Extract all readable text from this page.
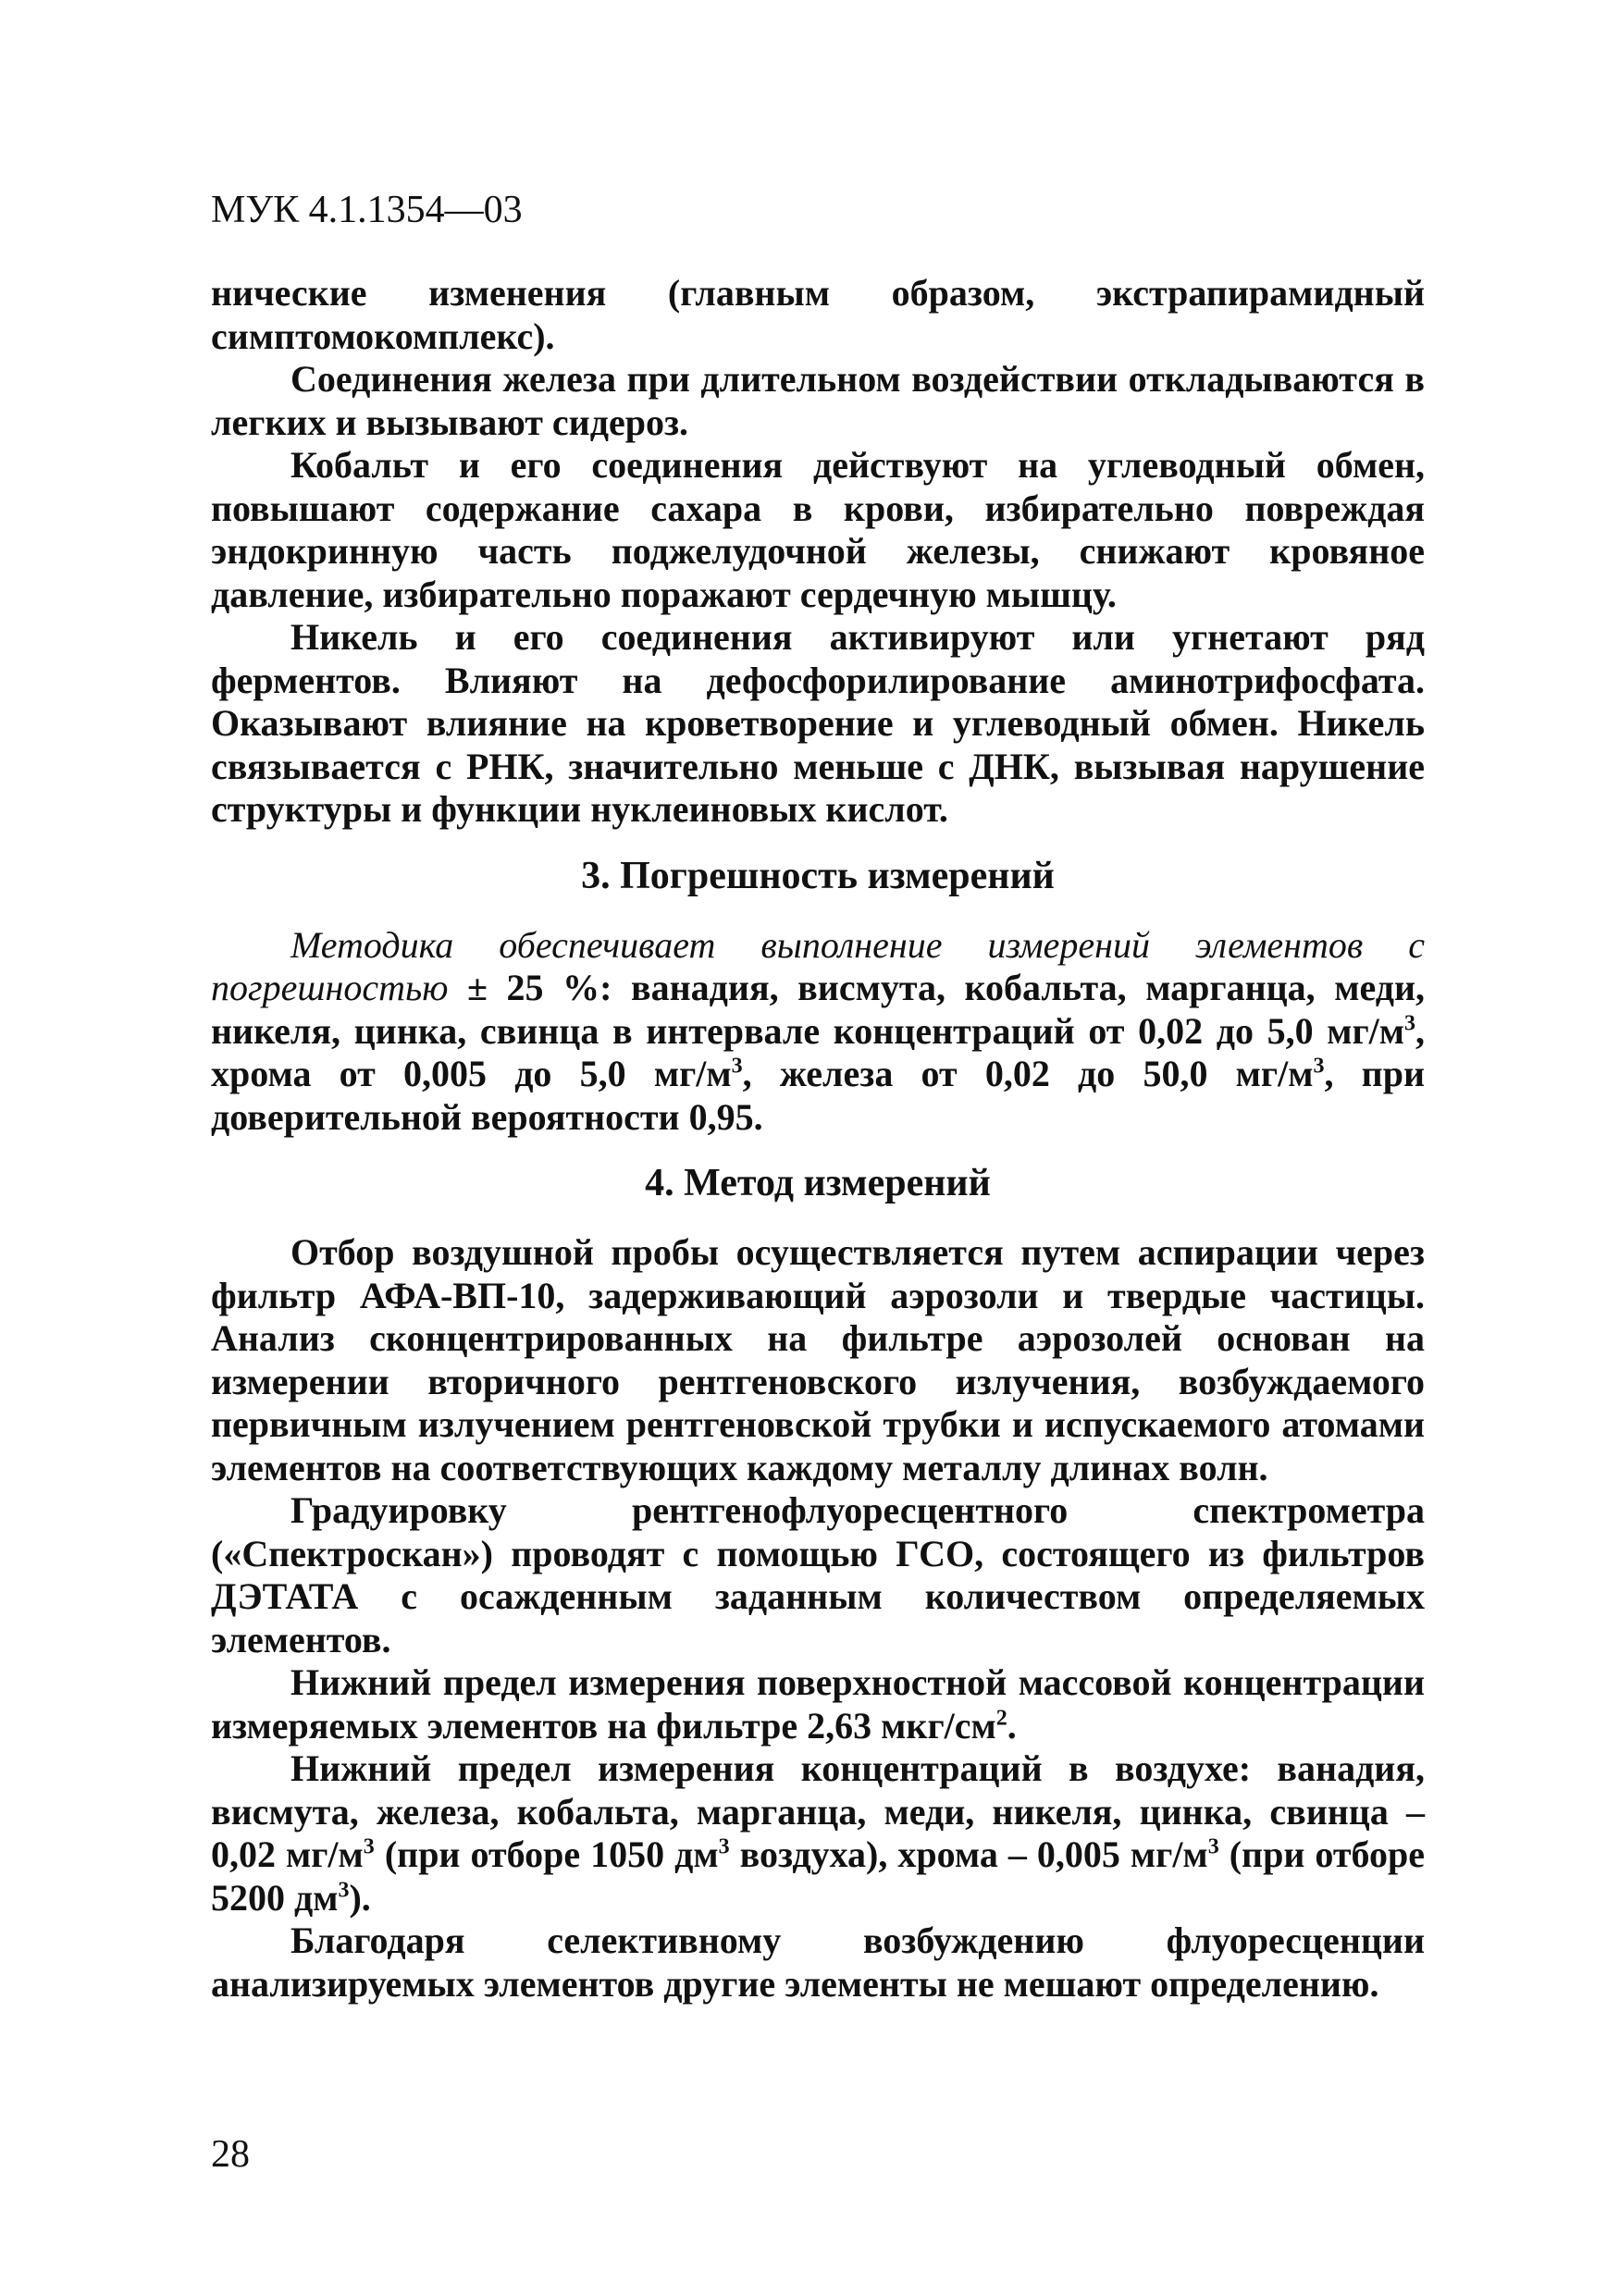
МУК 4.1.1354—03

нические изменения (главным образом, экстрапирамидный симптомокомплекс).

Соединения железа при длительном воздействии откладываются в легких и вызывают сидероз.

Кобальт и его соединения действуют на углеводный обмен, повышают содержание сахара в крови, избирательно повреждая эндокринную часть поджелудочной железы, снижают кровяное давление, избирательно поражают сердечную мышцу.

Никель и его соединения активируют или угнетают ряд ферментов. Влияют на дефосфорилирование аминотрифосфата. Оказывают влияние на кроветворение и углеводный обмен. Никель связывается с РНК, значительно меньше с ДНК, вызывая нарушение структуры и функции нуклеиновых кислот.

3. Погрешность измерений

Методика обеспечивает выполнение измерений элементов с погрешностью ± 25 %: ванадия, висмута, кобальта, марганца, меди, никеля, цинка, свинца в интервале концентраций от 0,02 до 5,0 $мг/м^3$, хрома от 0,005 до 5,0 $мг/м^3$, железа от 0,02 до 50,0 $мг/м^3$, при доверительной вероятности 0,95.

4. Метод измерений

Отбор воздушной пробы осуществляется путем аспирации через фильтр АФА-ВП-10, задерживающий аэрозоли и твердые частицы. Анализ сконцентрированных на фильтре аэрозолей основан на измерении вторичного рентгеновского излучения, возбуждаемого первичным излучением рентгеновской трубки и испускаемого атомами элементов на соответствующих каждому металлу длинах волн.

Градуировку рентгенофлуоресцентного спектрометра («Спектроскан») проводят с помощью ГСО, состоящего из фильтров ДЭТАТА с осажденным заданным количеством определяемых элементов.

Нижний предел измерения поверхностной массовой концентрации измеряемых элементов на фильтре 2,63 мкг/$см^2$.

Нижний предел измерения концентраций в воздухе: ванадия, висмута, железа, кобальта, марганца, меди, никеля, цинка, свинца – 0,02 $мг/м^3$ (при отборе 1050 $дм^3$ воздуха), хрома – 0,005 $мг/м^3$ (при отборе 5200 $дм^3$).

Благодаря селективному возбуждению флуоресценции анализируемых элементов другие элементы не мешают определению.

28
